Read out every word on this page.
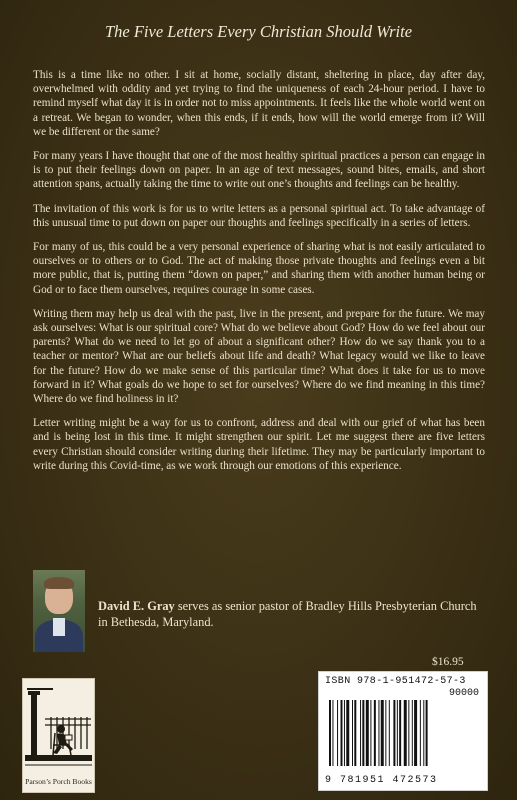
The Five Letters Every Christian Should Write

This is a time like no other. I sit at home, socially distant, sheltering in place, day after day, overwhelmed with oddity and yet trying to find the uniqueness of each 24-hour period. I have to remind myself what day it is in order not to miss appointments. It feels like the whole world went on a retreat. We began to wonder, when this ends, if it ends, how will the world emerge from it? Will we be different or the same?

For many years I have thought that one of the most healthy spiritual practices a person can engage in is to put their feelings down on paper. In an age of text messages, sound bites, emails, and short attention spans, actually taking the time to write out one’s thoughts and feelings can be healthy.

The invitation of this work is for us to write letters as a personal spiritual act. To take advantage of this unusual time to put down on paper our thoughts and feelings specifically in a series of letters.

For many of us, this could be a very personal experience of sharing what is not easily articulated to ourselves or to others or to God. The act of making those private thoughts and feelings even a bit more public, that is, putting them “down on paper,” and sharing them with another human being or God or to face them ourselves, requires courage in some cases.

Writing them may help us deal with the past, live in the present, and prepare for the future. We may ask ourselves: What is our spiritual core? What do we believe about God? How do we feel about our parents? What do we need to let go of about a significant other? How do we say thank you to a teacher or mentor? What are our beliefs about life and death? What legacy would we like to leave for the future? How do we make sense of this particular time? What does it take for us to move forward in it? What goals do we hope to set for ourselves? Where do we find meaning in this time? Where do we find holiness in it?

Letter writing might be a way for us to confront, address and deal with our grief of what has been and is being lost in this time. It might strengthen our spirit. Let me suggest there are five letters every Christian should consider writing during their lifetime. They may be particularly important to write during this Covid-time, as we work through our emotions of this experience.

David E. Gray serves as senior pastor of Bradley Hills Presbyterian Church in Bethesda, Maryland.
$16.95
Parson’s Porch Books
ISBN 978-1-951472-57-3
90000
9 781951 472573
